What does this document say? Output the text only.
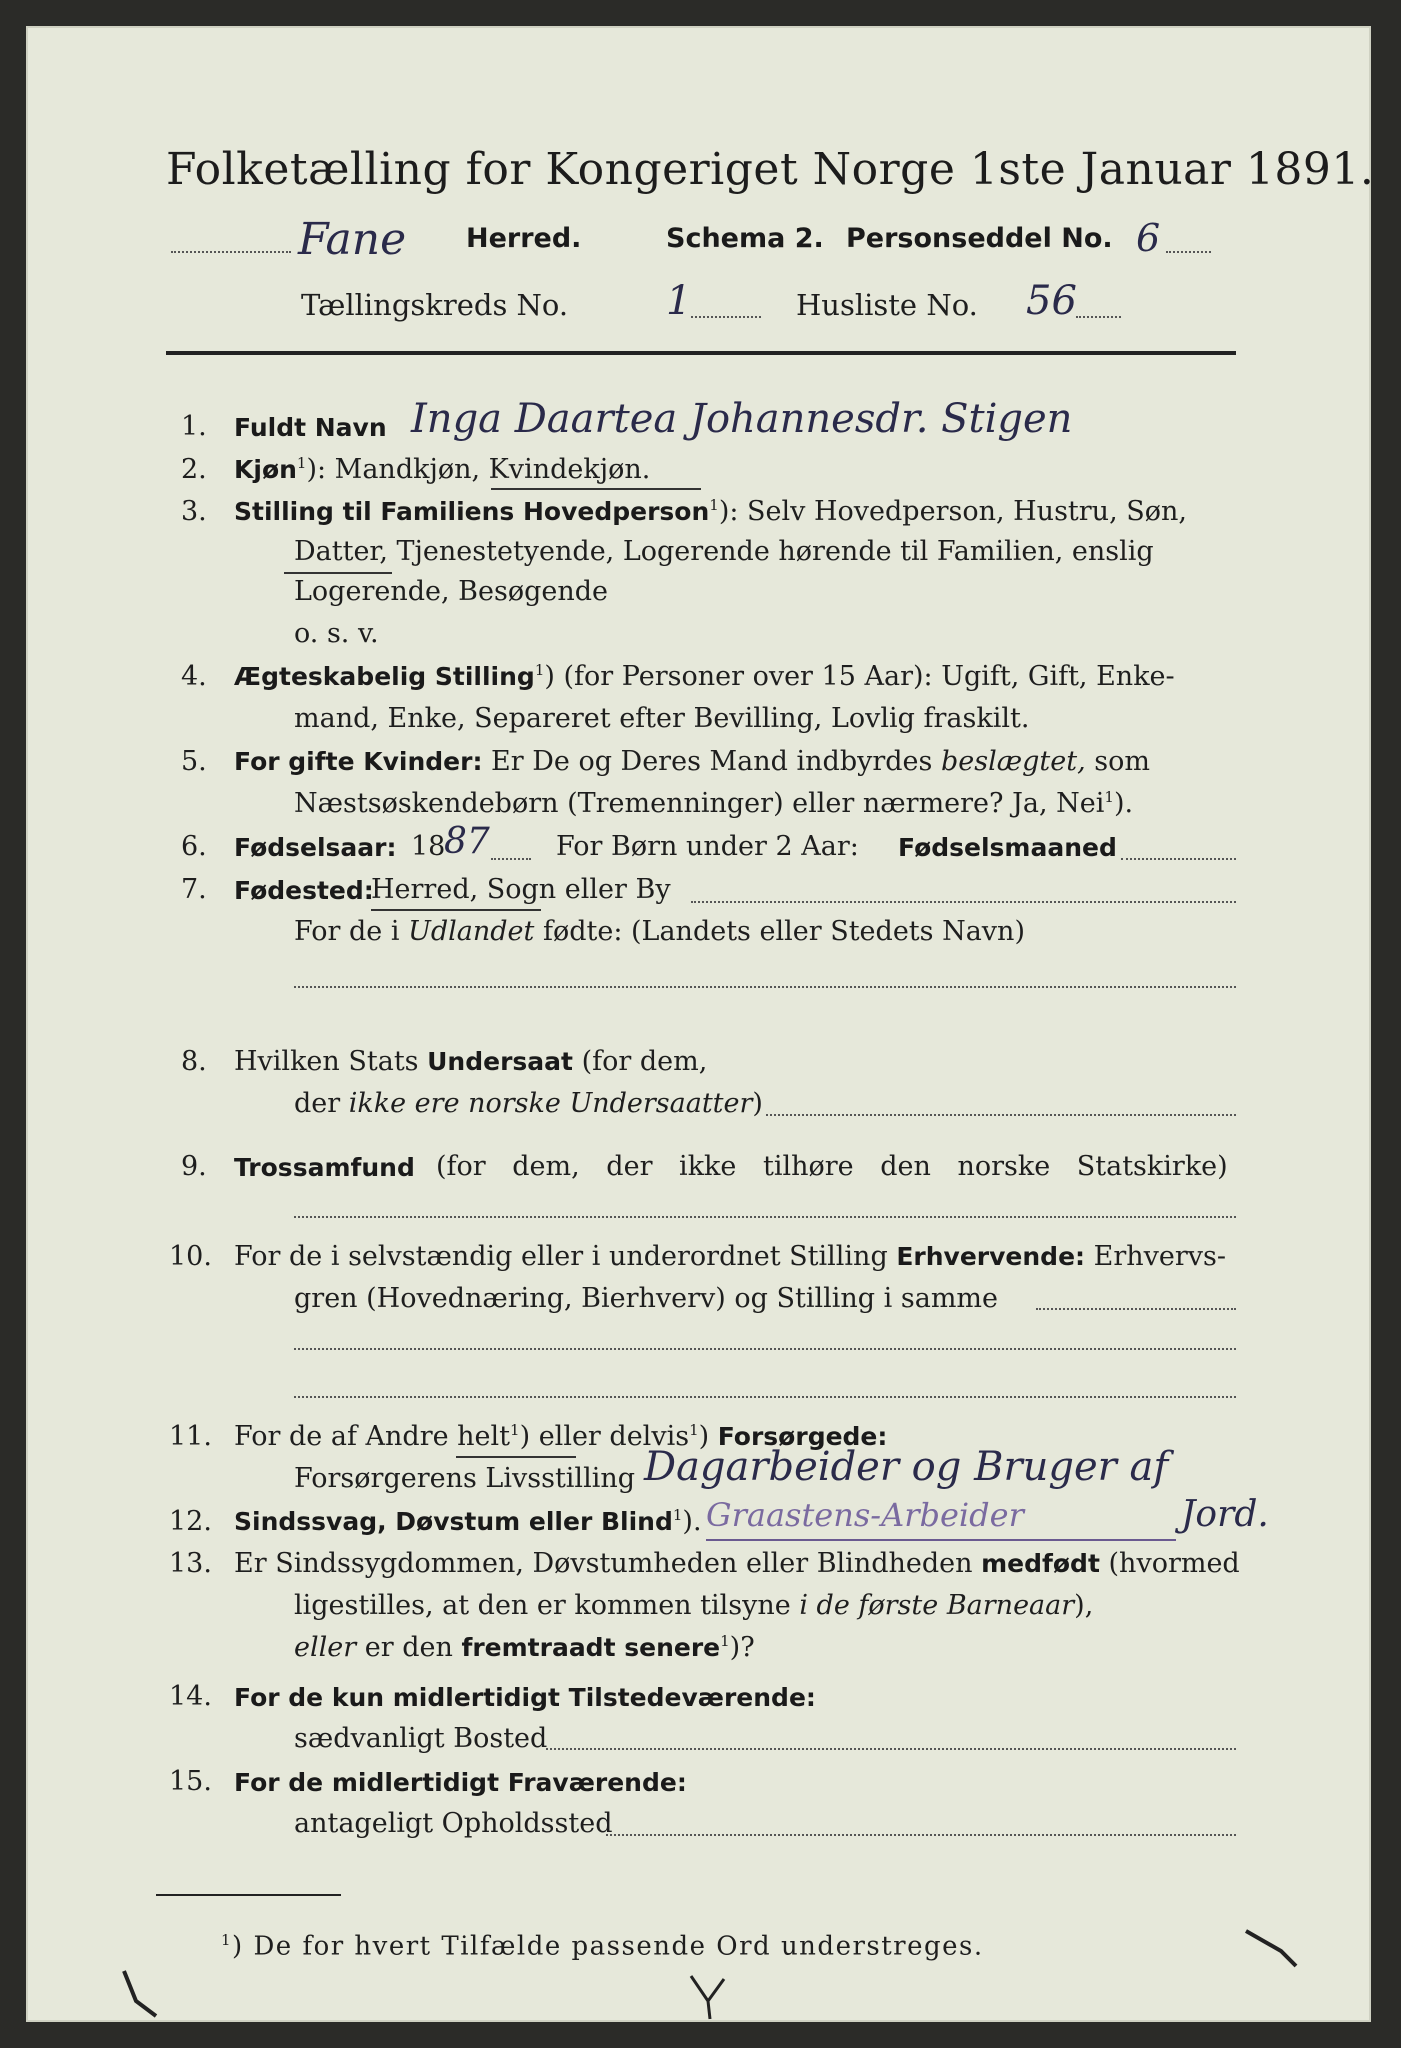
Folketælling for Kongeriget Norge 1ste Januar 1891.
Fane Herred.	Schema 2. Personseddel No. 6
Tællingskreds No. 1	Husliste No. 56
1. Fuldt Navn Inga Daartea Johannesdr. Stigen
2. Kjøn$^1$): Mandkjøn, Kvindekjøn.
3. Stilling til Familiens Hovedperson$^1$): Selv Hovedperson, Hustru, Søn,
Datter, Tjenestetyende, Logerende hørende til Familien, enslig
Logerende, Besøgende
o. s. v.
4. Ægteskabelig Stilling$^1$) (for Personer over 15 Aar): Ugift, Gift, Enke-
mand, Enke, Separeret efter Bevilling, Lovlig fraskilt.
5. For gifte Kvinder: Er De og Deres Mand indbyrdes beslægtet, som
Næstsøskendebørn (Tremenninger) eller nærmere? Ja, Nei$^1$).
6. Fødselsaar: 18
87 For Børn under 2 Aar: Fødselsmaaned
7. Fødested:
Herred, Sogn eller By
For de i Udlandet fødte: (Landets eller Stedets Navn)
8. Hvilken Stats Undersaat (for dem,
der ikke ere norske Undersaatter)
9. Trossamfund (for dem, der ikke tilhøre den norske Statskirke)
10. For de i selvstændig eller i underordnet Stilling Erhvervende: Erhvervs-
gren (Hovednæring, Bierhverv) og Stilling i samme
11. For de af Andre helt$^1$) eller delvis$^1$) Forsørgede:
Forsørgerens Livsstilling Dagarbeider og Bruger af
Jord.
12. Sindssvag, Døvstum eller Blind$^1$). Graastens-Arbeider
13. Er Sindssygdommen, Døvstumheden eller Blindheden medfødt (hvormed
ligestilles, at den er kommen tilsyne i de første Barneaar),
eller er den fremtraadt senere$^1$)?
14. For de kun midlertidigt Tilstedeværende:
sædvanligt Bosted
15. For de midlertidigt Fraværende:
antageligt Opholdssted
$^1$) De for hvert Tilfælde passende Ord understreges.
